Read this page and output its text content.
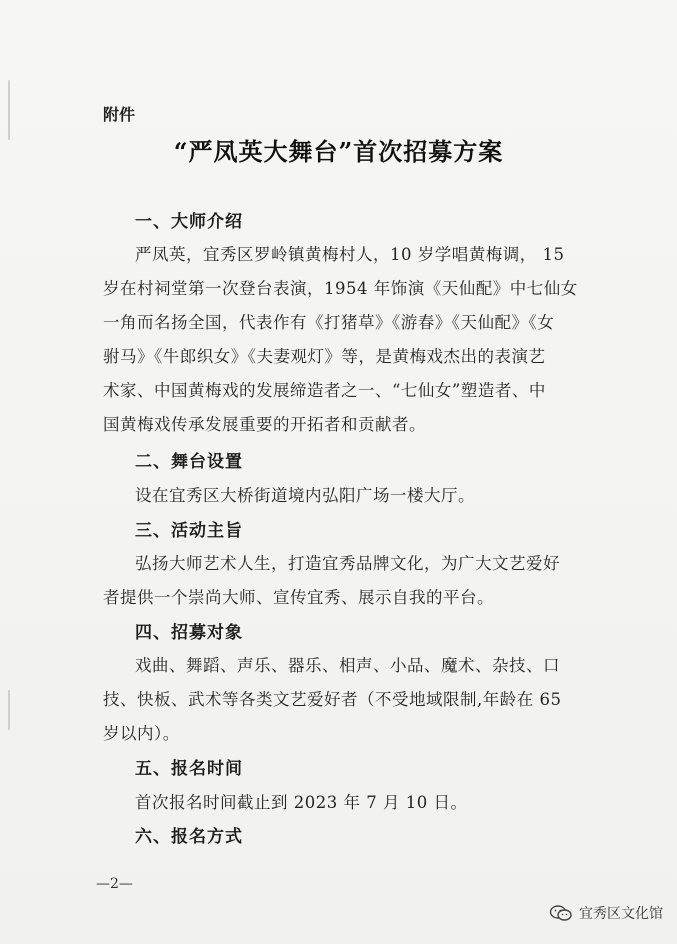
附件
“严凤英大舞台”首次招募方案
一、大师介绍
严凤英，宜秀区罗岭镇黄梅村人，10 岁学唱黄梅调， 15
岁在村祠堂第一次登台表演，1954 年饰演《天仙配》中七仙女
一角而名扬全国，代表作有《打猪草》《游春》《天仙配》《女
驸马》《牛郎织女》《夫妻观灯》等，是黄梅戏杰出的表演艺
术家、中国黄梅戏的发展缔造者之一、“七仙女”塑造者、中
国黄梅戏传承发展重要的开拓者和贡献者。
二、舞台设置
设在宜秀区大桥街道境内弘阳广场一楼大厅。
三、活动主旨
弘扬大师艺术人生，打造宜秀品牌文化，为广大文艺爱好
者提供一个崇尚大师、宣传宜秀、展示自我的平台。
四、招募对象
戏曲、舞蹈、声乐、器乐、相声、小品、魔术、杂技、口
技、快板、武术等各类文艺爱好者（不受地域限制,年龄在 65
岁以内）。
五、报名时间
首次报名时间截止到 2023 年 7 月 10 日。
六、报名方式
—2—
宜秀区文化馆
